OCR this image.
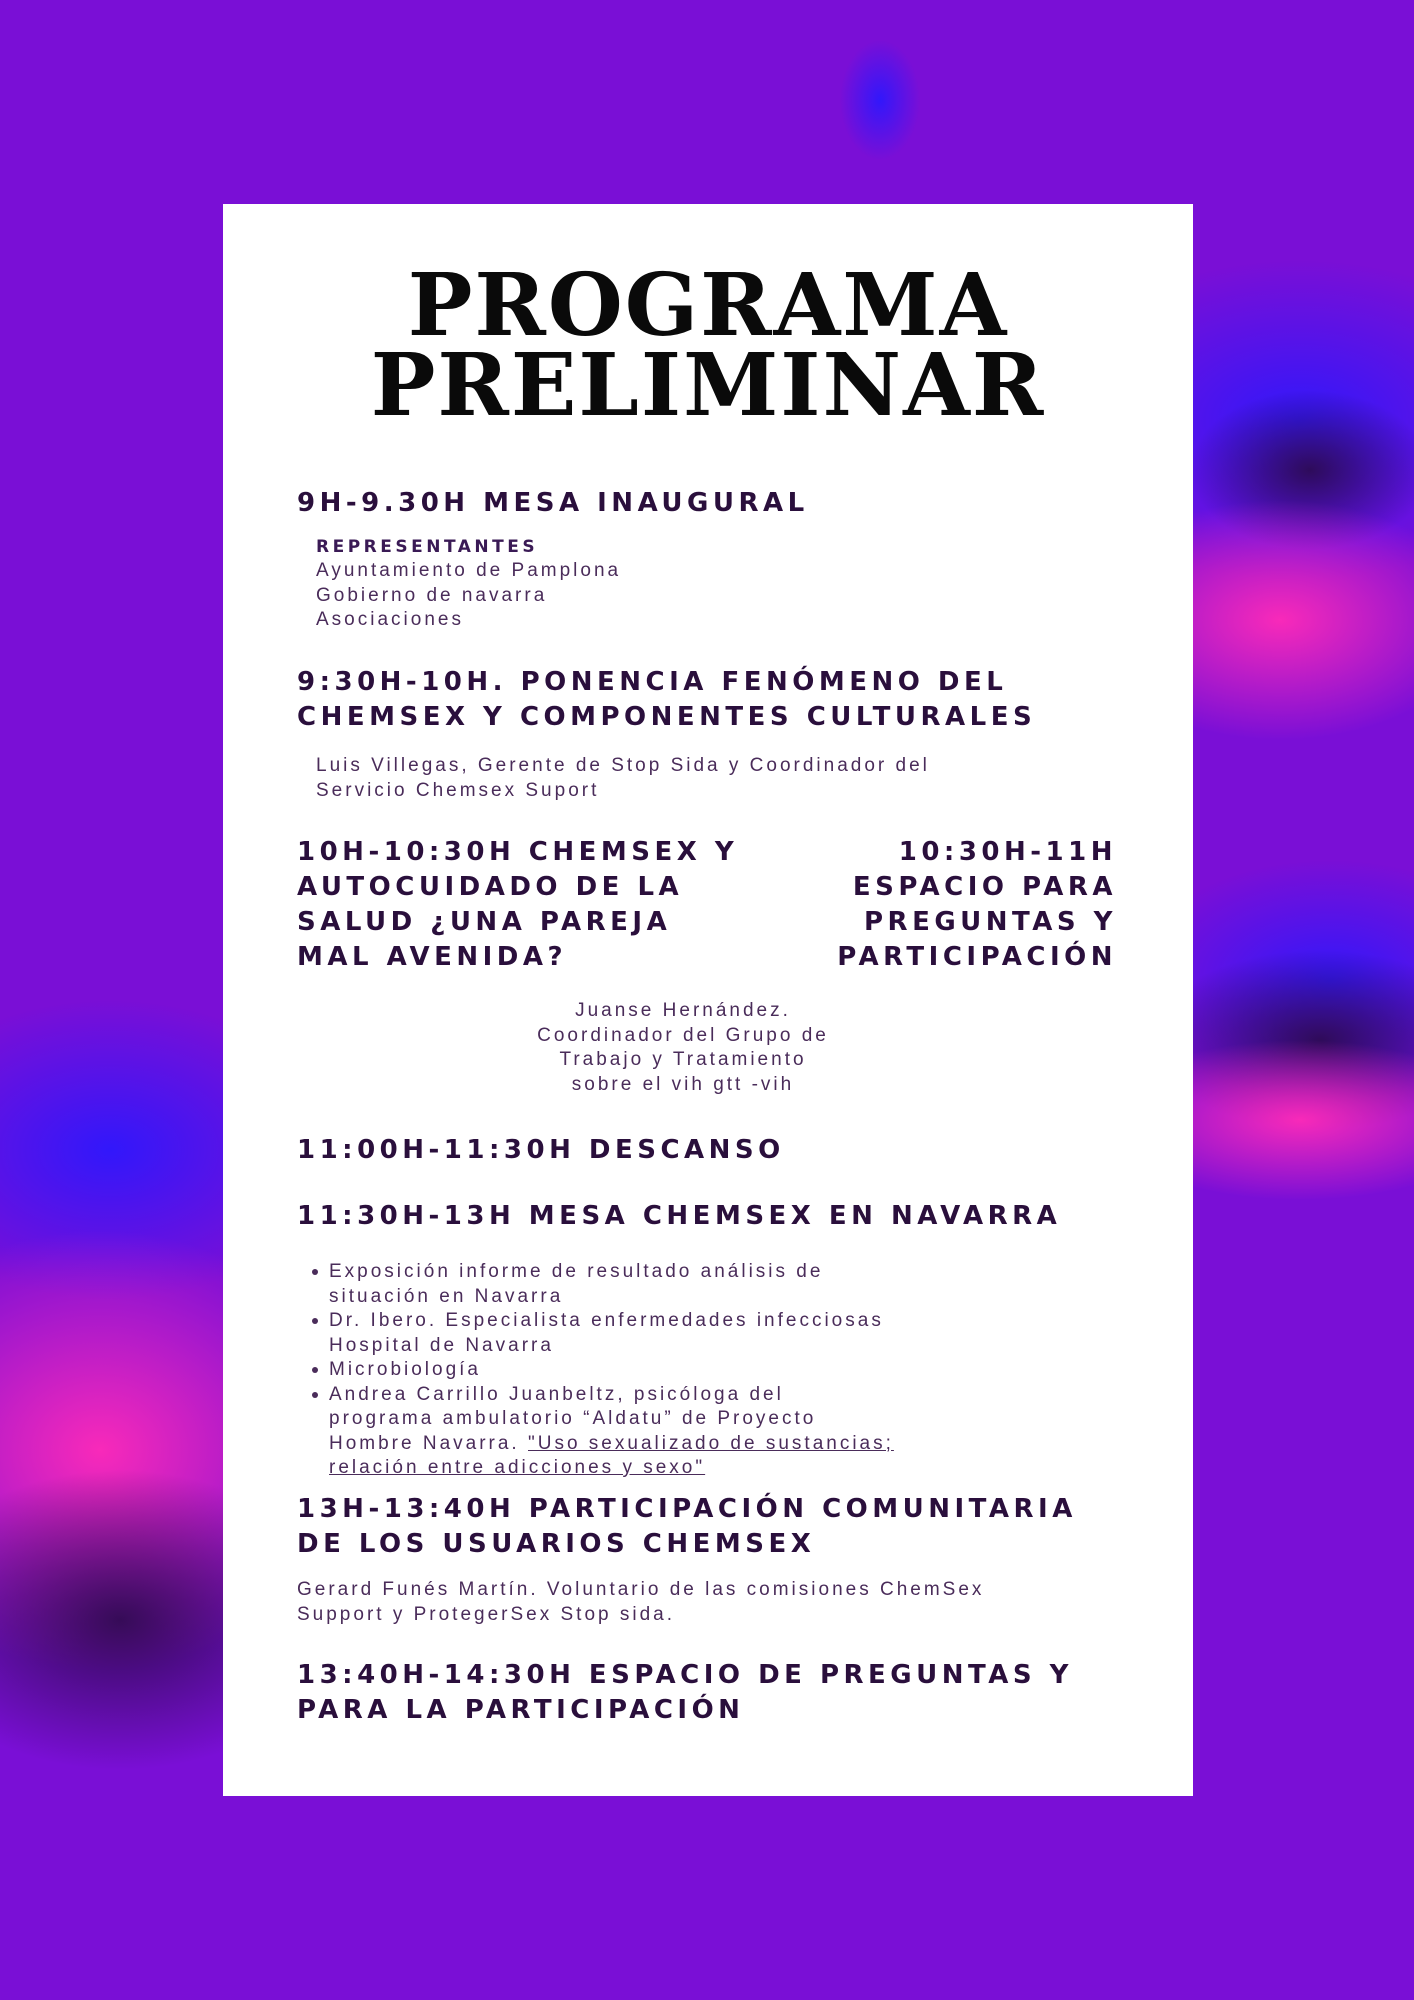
PROGRAMA
PRELIMINAR
9H-9.30H MESA INAUGURAL

REPRESENTANTES

Ayuntamiento de Pamplona
Gobierno de navarra
Asociaciones
9:30H-10H. PONENCIA FENÓMENO DEL
CHEMSEX Y COMPONENTES CULTURALES
Luis Villegas, Gerente de Stop Sida y Coordinador del
Servicio Chemsex Suport
10H-10:30H CHEMSEX Y
AUTOCUIDADO DE LA
SALUD ¿UNA PAREJA
MAL AVENIDA?
10:30H-11H
ESPACIO PARA
PREGUNTAS Y
PARTICIPACIÓN
Juanse Hernández.
Coordinador del Grupo de
Trabajo y Tratamiento
sobre el vih gtt -vih
11:00H-11:30H DESCANSO
11:30H-13H MESA CHEMSEX EN NAVARRA
Exposición informe de resultado análisis de
situación en Navarra
Dr. Ibero. Especialista enfermedades infecciosas
Hospital de Navarra
Microbiología
Andrea Carrillo Juanbeltz, psicóloga del
programa ambulatorio “Aldatu” de Proyecto
Hombre Navarra. "Uso sexualizado de sustancias;
relación entre adicciones y sexo"
13H-13:40H PARTICIPACIÓN COMUNITARIA
DE LOS USUARIOS CHEMSEX
Gerard Funés Martín. Voluntario de las comisiones ChemSex
Support y ProtegerSex Stop sida.
13:40H-14:30H ESPACIO DE PREGUNTAS Y
PARA LA PARTICIPACIÓN
